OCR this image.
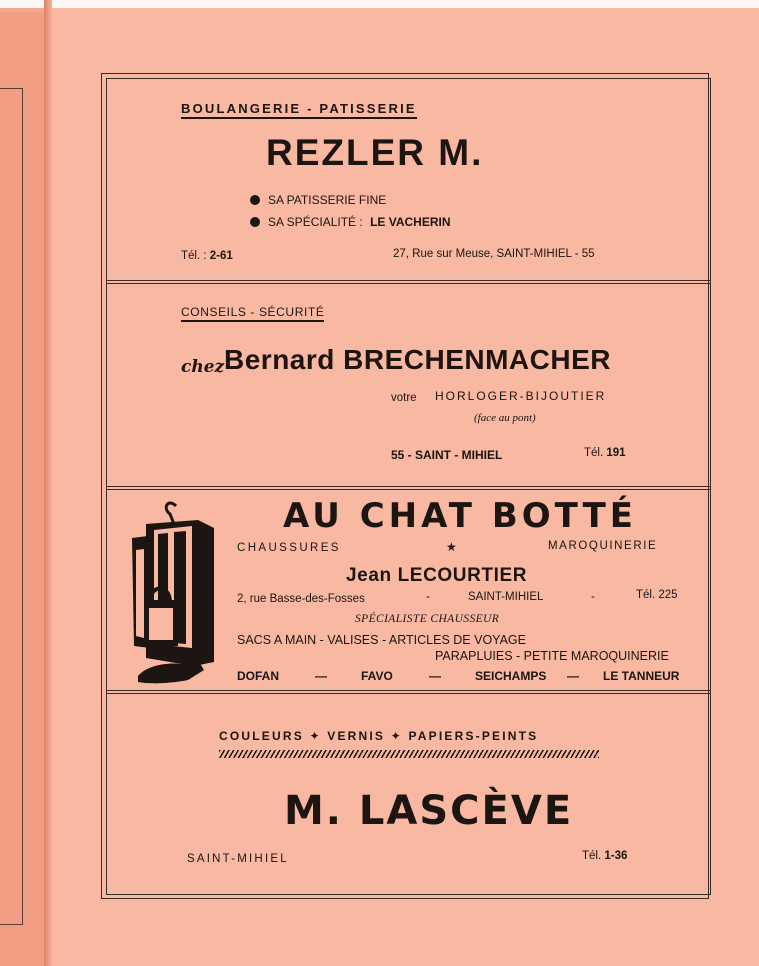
BOULANGERIE - PATISSERIE
REZLER M.
SA PATISSERIE FINE
SA SPÉCIALITÉ : LE VACHERIN
Tél. : 2-61	27, Rue sur Meuse, SAINT-MIHIEL - 55
CONSEILS - SÉCURITÉ
chez Bernard BRECHENMACHER
votre HORLOGER-BIJOUTIER
(face au pont)
55 - SAINT - MIHIEL	Tél. 191
AU CHAT BOTTÉ
CHAUSSURES	★	MAROQUINERIE
Jean LECOURTIER
2, rue Basse-des-Fosses	-	SAINT-MIHIEL	-	Tél. 225
SPÉCIALISTE CHAUSSEUR
SACS A MAIN - VALISES - ARTICLES DE VOYAGE
PARAPLUIES - PETITE MAROQUINERIE
DOFAN	—	FAVO	—	SEICHAMPS	—	LE TANNEUR
COULEURS ✦ VERNIS ✦ PAPIERS-PEINTS
M. LASCÈVE
SAINT-MIHIEL	Tél. 1-36
